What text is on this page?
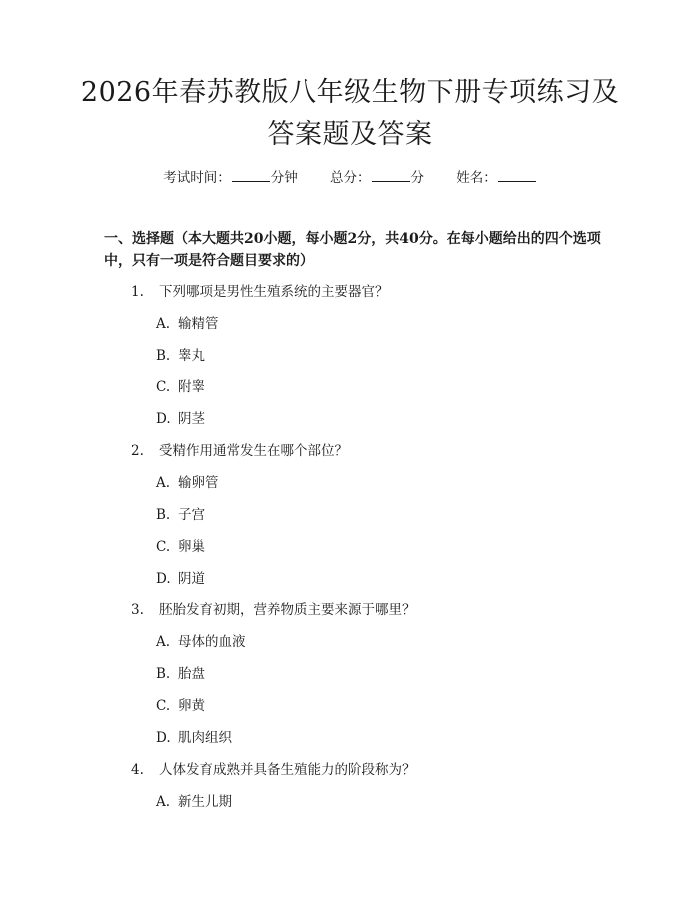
2026年春苏教版八年级生物下册专项练习及答案题及答案
考试时间：	分钟 总分：	分 姓名：
一、选择题（本大题共20小题，每小题2分，共40分。在每小题给出的四个选项中，只有一项是符合题目要求的）
1. 下列哪项是男性生殖系统的主要器官？
A. 输精管
B. 睾丸
C. 附睾
D. 阴茎
2. 受精作用通常发生在哪个部位？
A. 输卵管
B. 子宫
C. 卵巢
D. 阴道
3. 胚胎发育初期，营养物质主要来源于哪里？
A. 母体的血液
B. 胎盘
C. 卵黄
D. 肌肉组织
4. 人体发育成熟并具备生殖能力的阶段称为？
A. 新生儿期
